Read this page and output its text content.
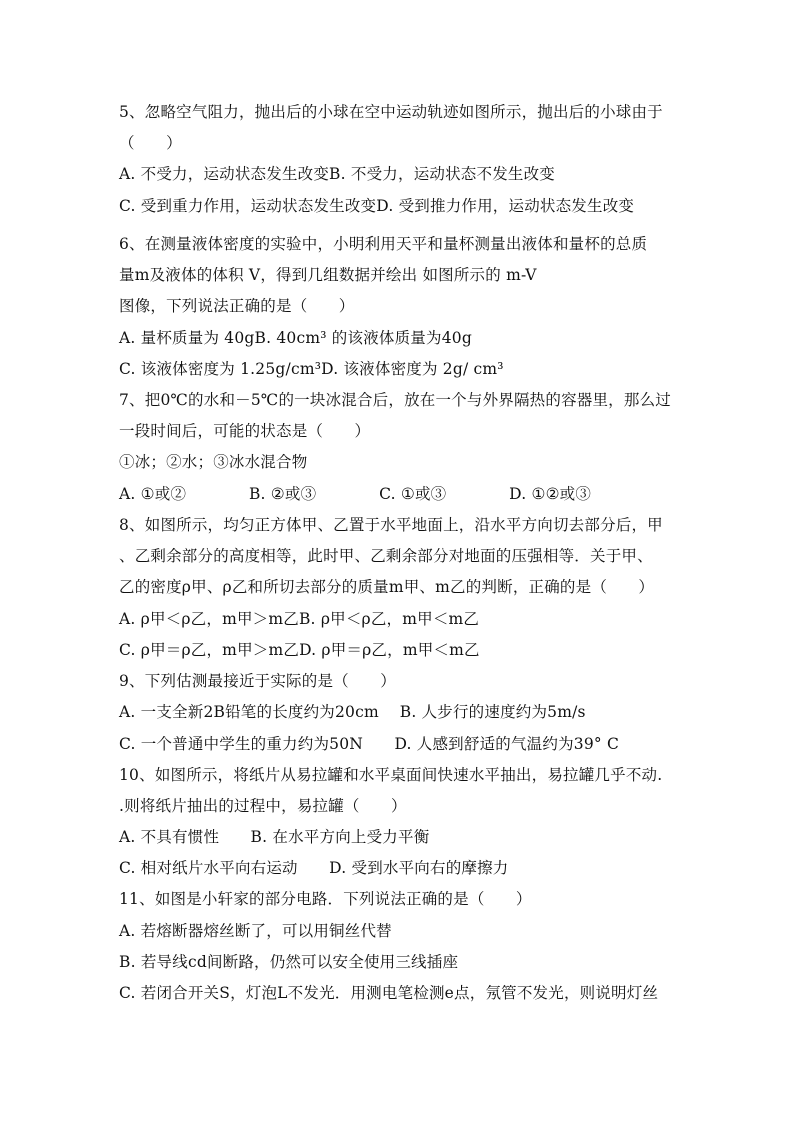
5、忽略空气阻力，抛出后的小球在空中运动轨迹如图所示，抛出后的小球由于
（　　）
A. 不受力，运动状态发生改变B. 不受力，运动状态不发生改变
C. 受到重力作用，运动状态发生改变D. 受到推力作用，运动状态发生改变
6、在测量液体密度的实验中，小明利用天平和量杯测量出液体和量杯的总质
量m及液体的体积 V，得到几组数据并绘出 如图所示的 m-V
图像，下列说法正确的是（　　）
A. 量杯质量为 40gB. 40cm³ 的该液体质量为40g
C. 该液体密度为 1.25g/cm³D. 该液体密度为 2g/ cm³
7、把0℃的水和－5℃的一块冰混合后，放在一个与外界隔热的容器里，那么过
一段时间后，可能的状态是（　　）
①冰；②水；③冰水混合物
A. ①或②　　　　B. ②或③　　　　C. ①或③　　　　D. ①②或③
8、如图所示，均匀正方体甲、乙置于水平地面上，沿水平方向切去部分后，甲
、乙剩余部分的高度相等，此时甲、乙剩余部分对地面的压强相等．关于甲、
乙的密度ρ甲、ρ乙和所切去部分的质量m甲、m乙的判断，正确的是（　　）
A. ρ甲＜ρ乙，m甲＞m乙B. ρ甲＜ρ乙，m甲＜m乙
C. ρ甲＝ρ乙，m甲＞m乙D. ρ甲＝ρ乙，m甲＜m乙
9、下列估测最接近于实际的是（　　）
A. 一支全新2B铅笔的长度约为20cm　 B. 人步行的速度约为5m/s
C. 一个普通中学生的重力约为50N　　D. 人感到舒适的气温约为39° C
10、如图所示，将纸片从易拉罐和水平桌面间快速水平抽出，易拉罐几乎不动.
.则将纸片抽出的过程中，易拉罐（　　）
A. 不具有惯性　　B. 在水平方向上受力平衡
C. 相对纸片水平向右运动　　D. 受到水平向右的摩擦力
11、如图是小轩家的部分电路．下列说法正确的是（　　）
A. 若熔断器熔丝断了，可以用铜丝代替
B. 若导线cd间断路，仍然可以安全使用三线插座
C. 若闭合开关S，灯泡L不发光．用测电笔检测e点，氖管不发光，则说明灯丝
